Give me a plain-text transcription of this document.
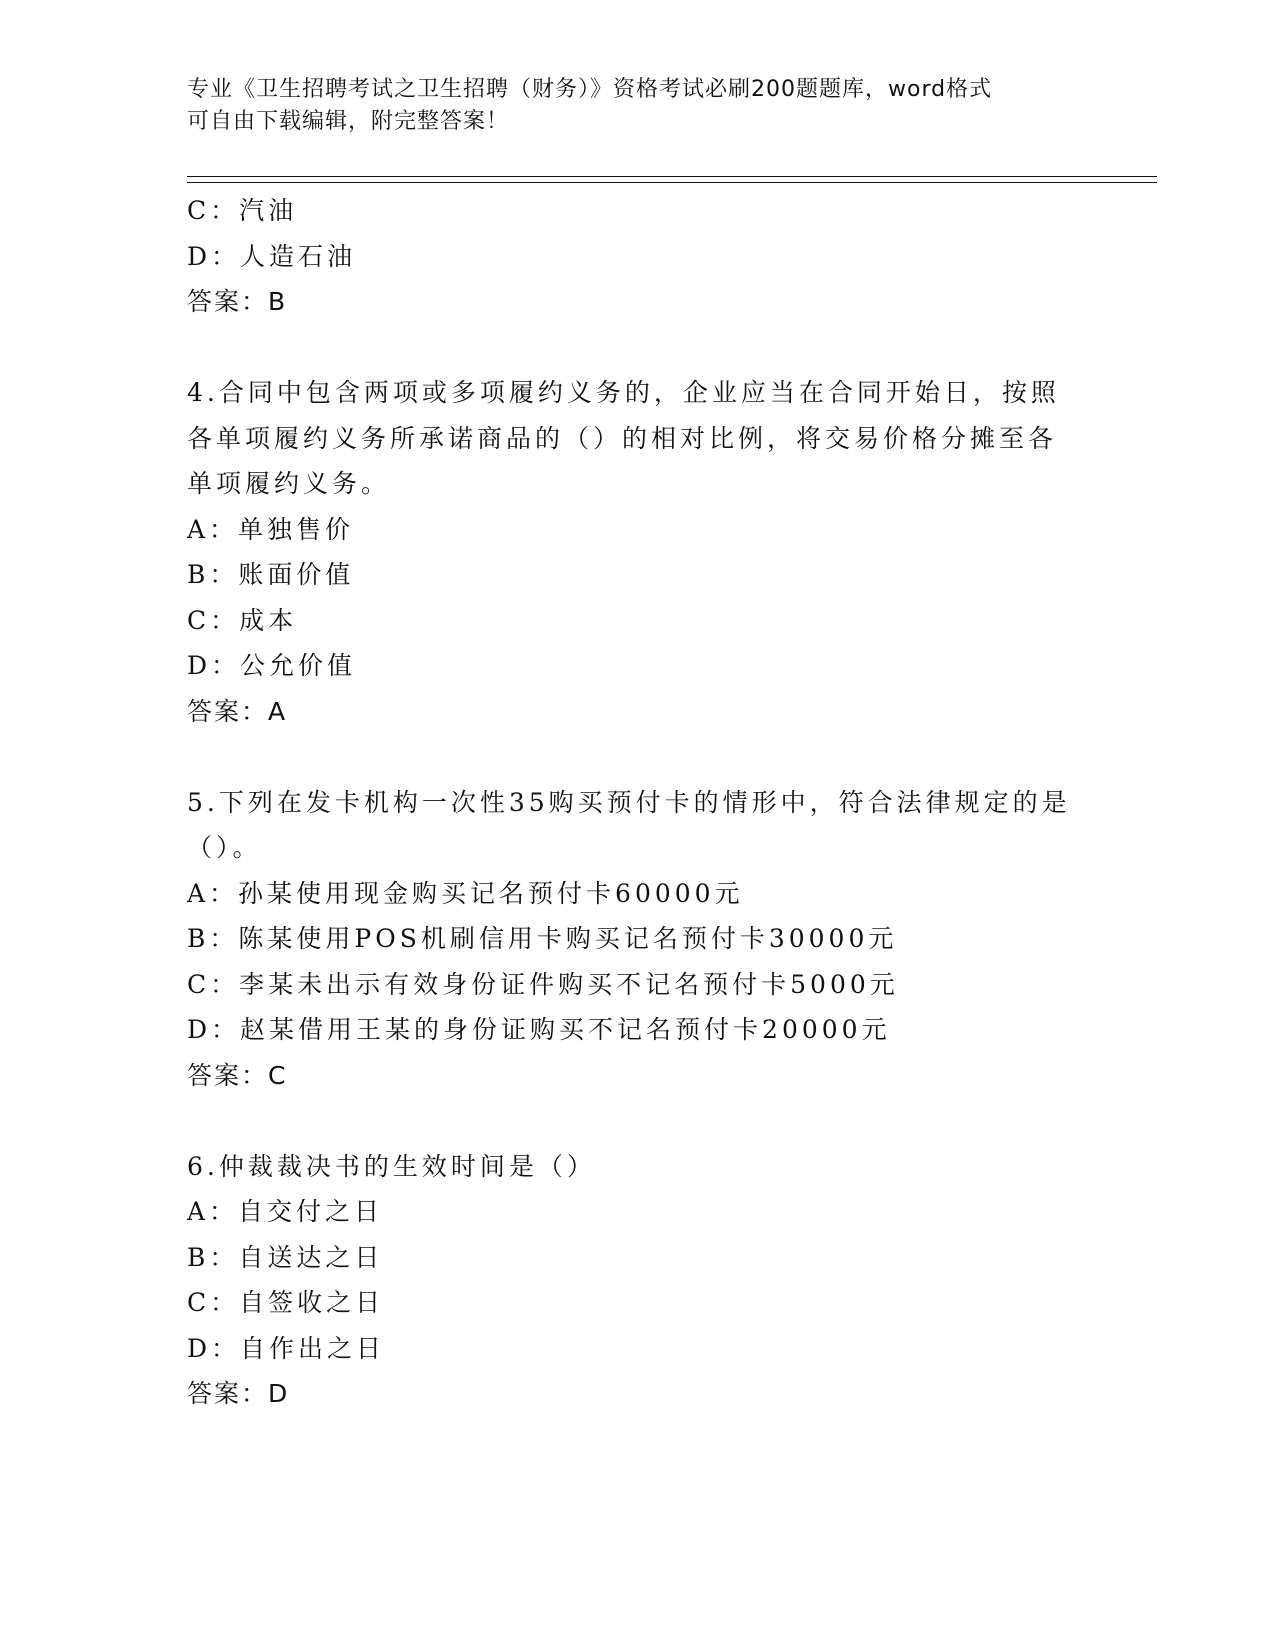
专业《卫生招聘考试之卫生招聘（财务）》资格考试必刷200题题库，word格式
可自由下载编辑，附完整答案！
C：汽油
D：人造石油
答案：B
4.合同中包含两项或多项履约义务的，企业应当在合同开始日，按照
各单项履约义务所承诺商品的（）的相对比例，将交易价格分摊至各
单项履约义务。
A：单独售价
B：账面价值
C：成本
D：公允价值
答案：A
5.下列在发卡机构一次性35购买预付卡的情形中，符合法律规定的是
（）。
A：孙某使用现金购买记名预付卡60000元
B：陈某使用POS机刷信用卡购买记名预付卡30000元
C：李某未出示有效身份证件购买不记名预付卡5000元
D：赵某借用王某的身份证购买不记名预付卡20000元
答案：C
6.仲裁裁决书的生效时间是（）
A：自交付之日
B：自送达之日
C：自签收之日
D：自作出之日
答案：D
